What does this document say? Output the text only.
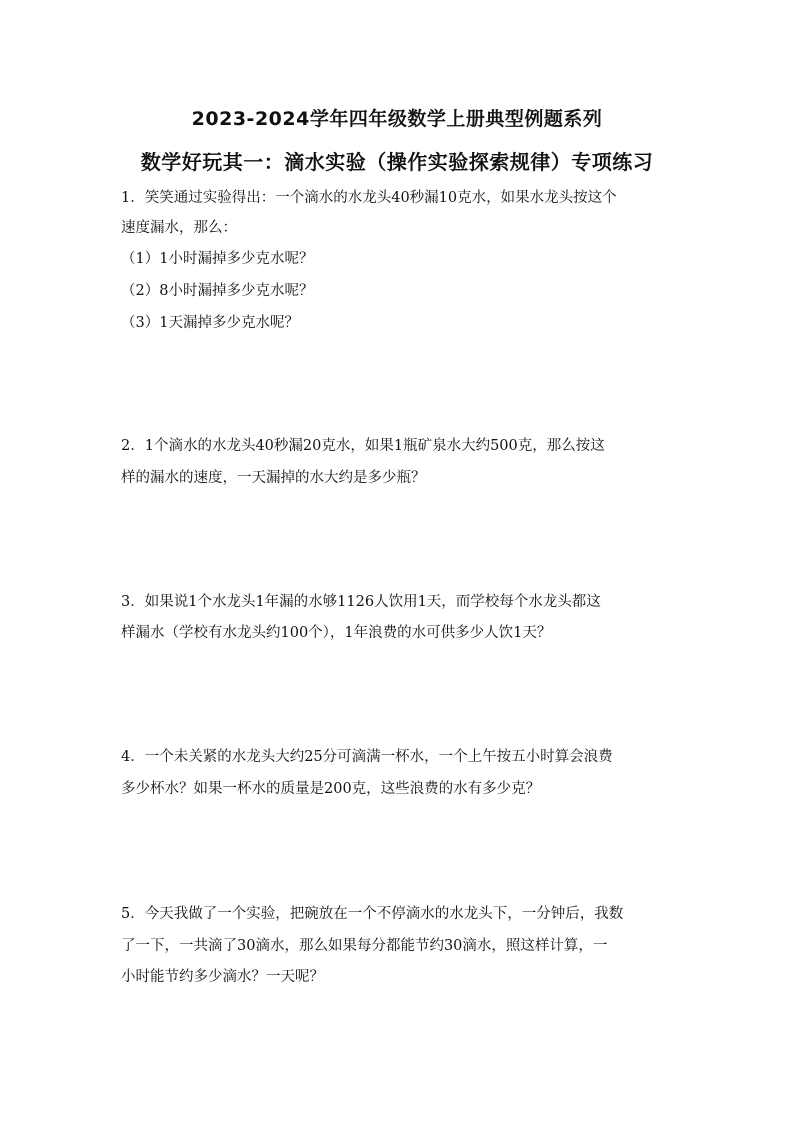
2023-2024学年四年级数学上册典型例题系列
数学好玩其一：滴水实验（操作实验探索规律）专项练习
1．笑笑通过实验得出：一个滴水的水龙头40秒漏10克水，如果水龙头按这个
速度漏水，那么：
（1）1小时漏掉多少克水呢？
（2）8小时漏掉多少克水呢？
（3）1天漏掉多少克水呢？
2．1个滴水的水龙头40秒漏20克水，如果1瓶矿泉水大约500克，那么按这
样的漏水的速度，一天漏掉的水大约是多少瓶？
3．如果说1个水龙头1年漏的水够1126人饮用1天，而学校每个水龙头都这
样漏水（学校有水龙头约100个），1年浪费的水可供多少人饮1天？
4．一个未关紧的水龙头大约25分可滴满一杯水，一个上午按五小时算会浪费
多少杯水？如果一杯水的质量是200克，这些浪费的水有多少克？
5．今天我做了一个实验，把碗放在一个不停滴水的水龙头下，一分钟后，我数
了一下，一共滴了30滴水，那么如果每分都能节约30滴水，照这样计算，一
小时能节约多少滴水？一天呢？
